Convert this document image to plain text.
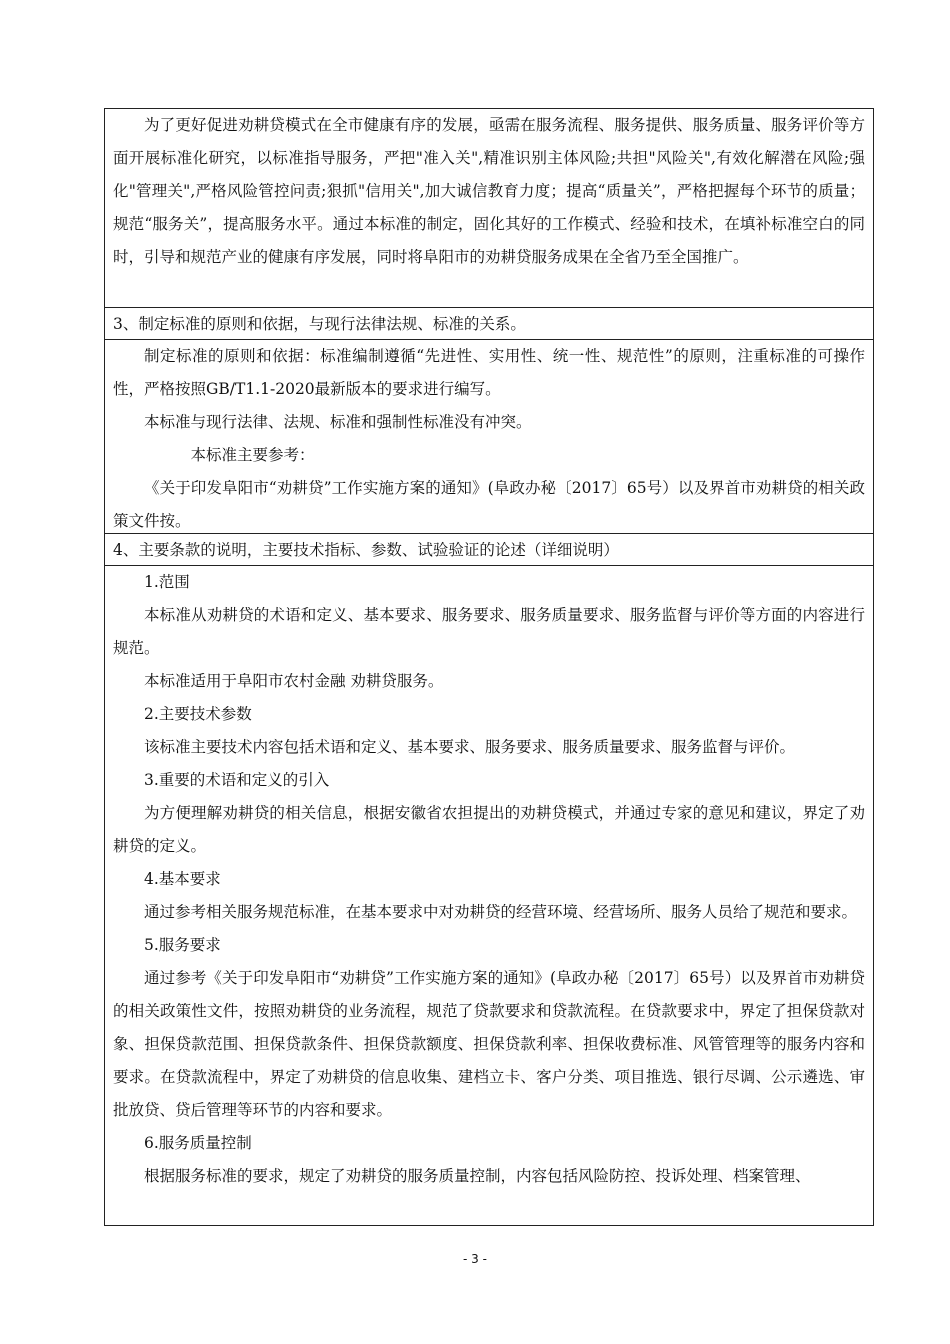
为了更好促进劝耕贷模式在全市健康有序的发展，亟需在服务流程、服务提供、服务质量、服务评价等方面开展标准化研究，以标准指导服务，严把"准入关",精准识别主体风险;共担"风险关",有效化解潜在风险;强化"管理关",严格风险管控问责;狠抓"信用关",加大诚信教育力度；提高“质量关”，严格把握每个环节的质量；规范“服务关”，提高服务水平。通过本标准的制定，固化其好的工作模式、经验和技术，在填补标准空白的同时，引导和规范产业的健康有序发展，同时将阜阳市的劝耕贷服务成果在全省乃至全国推广。

3、制定标准的原则和依据，与现行法律法规、标准的关系。

制定标准的原则和依据：标准编制遵循“先进性、实用性、统一性、规范性”的原则，注重标准的可操作性，严格按照GB/T1.1-2020最新版本的要求进行编写。

本标准与现行法律、法规、标准和强制性标准没有冲突。

本标准主要参考：

《关于印发阜阳市“劝耕贷”工作实施方案的通知》(阜政办秘〔2017〕65号）以及界首市劝耕贷的相关政策文件按。

4、主要条款的说明，主要技术指标、参数、试验验证的论述（详细说明）

1.范围

本标准从劝耕贷的术语和定义、基本要求、服务要求、服务质量要求、服务监督与评价等方面的内容进行规范。

本标准适用于阜阳市农村金融 劝耕贷服务。

2.主要技术参数

该标准主要技术内容包括术语和定义、基本要求、服务要求、服务质量要求、服务监督与评价。

3.重要的术语和定义的引入

为方便理解劝耕贷的相关信息，根据安徽省农担提出的劝耕贷模式，并通过专家的意见和建议，界定了劝耕贷的定义。

4.基本要求

通过参考相关服务规范标准，在基本要求中对劝耕贷的经营环境、经营场所、服务人员给了规范和要求。

5.服务要求

通过参考《关于印发阜阳市“劝耕贷”工作实施方案的通知》(阜政办秘〔2017〕65号）以及界首市劝耕贷的相关政策性文件，按照劝耕贷的业务流程，规范了贷款要求和贷款流程。在贷款要求中，界定了担保贷款对象、担保贷款范围、担保贷款条件、担保贷款额度、担保贷款利率、担保收费标准、风管管理等的服务内容和要求。在贷款流程中，界定了劝耕贷的信息收集、建档立卡、客户分类、项目推选、银行尽调、公示遴选、审批放贷、贷后管理等环节的内容和要求。

6.服务质量控制

根据服务标准的要求，规定了劝耕贷的服务质量控制，内容包括风险防控、投诉处理、档案管理、

- 3 -
